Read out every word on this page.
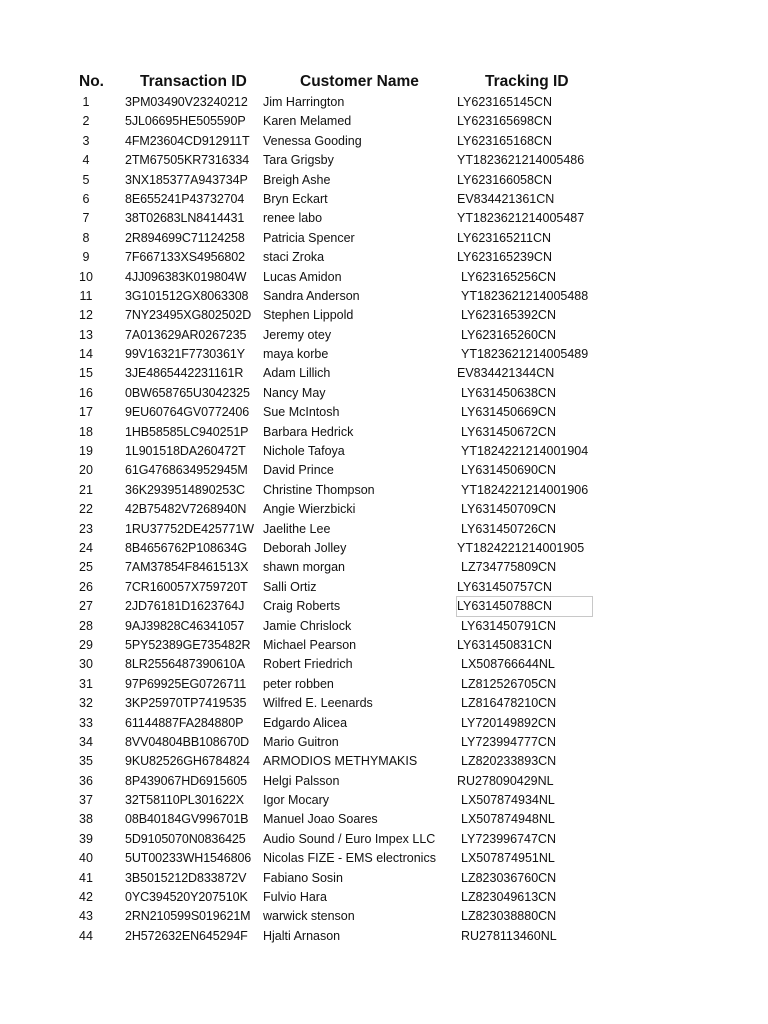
No. Transaction ID	Customer Name	Tracking ID
1	3PM03490V23240212 Jim Harrington	LY623165145CN
2	5JL06695HE505590P Karen Melamed	LY623165698CN
3	4FM23604CD912911T Venessa Gooding	LY623165168CN
4	2TM67505KR7316334 Tara Grigsby	YT1823621214005486
5	3NX185377A943734P Breigh Ashe	LY623166058CN
6	8E655241P43732704 Bryn Eckart	EV834421361CN
7	38T02683LN8414431 renee labo	YT1823621214005487
8	2R894699C71124258 Patricia Spencer	LY623165211CN
9	7F667133XS4956802 staci Zroka	LY623165239CN
10	4JJ096383K019804W Lucas Amidon	LY623165256CN
11	3G101512GX8063308 Sandra Anderson	YT1823621214005488
12	7NY23495XG802502D Stephen Lippold	LY623165392CN
13	7A013629AR0267235 Jeremy otey	LY623165260CN
14	99V16321F7730361Y maya korbe	YT1823621214005489
15	3JE4865442231161R Adam Lillich	EV834421344CN
16	0BW658765U3042325 Nancy May	LY631450638CN
17	9EU60764GV0772406 Sue McIntosh	LY631450669CN
18	1HB58585LC940251P Barbara Hedrick	LY631450672CN
19	1L901518DA260472T Nichole Tafoya	YT1824221214001904
20	61G4768634952945M David Prince	LY631450690CN
21	36K2939514890253C Christine Thompson	YT1824221214001906
22	42B75482V7268940N Angie Wierzbicki	LY631450709CN
23	1RU37752DE425771W Jaelithe Lee	LY631450726CN
24	8B4656762P108634G Deborah Jolley	YT1824221214001905
25	7AM37854F8461513X shawn morgan	LZ734775809CN
26	7CR160057X759720T Salli Ortiz	LY631450757CN
27	2JD76181D1623764J Craig Roberts	LY631450788CN
28	9AJ39828C46341057 Jamie Chrislock	LY631450791CN
29	5PY52389GE735482R Michael Pearson	LY631450831CN
30	8LR2556487390610A Robert Friedrich	LX508766644NL
31	97P69925EG0726711 peter robben	LZ812526705CN
32	3KP25970TP7419535 Wilfred E. Leenards	LZ816478210CN
33	61144887FA284880P Edgardo Alicea	LY720149892CN
34	8VV04804BB108670D Mario Guitron	LY723994777CN
35	9KU82526GH6784824 ARMODIOS METHYMAKIS	LZ820233893CN
36	8P439067HD6915605 Helgi Palsson	RU278090429NL
37	32T58110PL301622X Igor Mocary	LX507874934NL
38	08B40184GV996701B Manuel Joao Soares	LX507874948NL
39	5D9105070N0836425 Audio Sound / Euro Impex LLC LY723996747CN
40	5UT00233WH1546806 Nicolas FIZE - EMS electronics LX507874951NL
41	3B5015212D833872V Fabiano Sosin	LZ823036760CN
42	0YC394520Y207510K Fulvio Hara	LZ823049613CN
43	2RN210599S019621M warwick stenson	LZ823038880CN
44	2H572632EN645294F Hjalti Arnason	RU278113460NL
